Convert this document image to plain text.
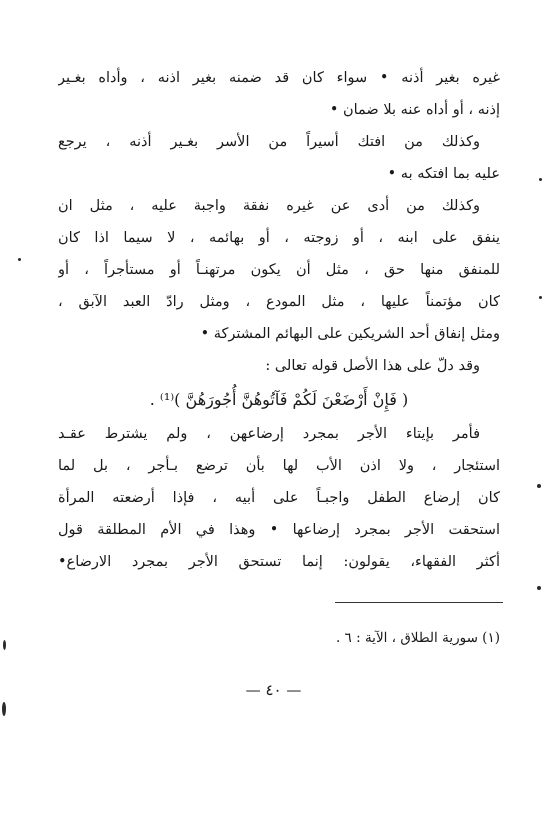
غيره بغير أذنه • سواء كان قد ضمنه بغير اذنه ، وأداه بغـير
إذنه ، أو أداه عنه بلا ضمان •
وكذلك من افتك أسيراً من الأسر بغـير أذنه ، يرجع
عليه بما افتكه به •
وكذلك من أدى عن غيره نفقة واجبة عليه ، مثل ان
ينفق على ابنه ، أو زوجته ، أو بهائمه ، لا سيما اذا كان
للمنفق منها حق ، مثل أن يكون مرتهنـاً أو مستأجراً ، أو
كان مؤتمناً عليها ، مثل المودع ، ومثل رادّ العبد الآبق ،
ومثل إنفاق أحد الشريكين على البهائم المشتركة •
وقد دلّ على هذا الأصل قوله تعالى :
( فَإِنْ أَرْضَعْنَ لَكُمْ فَآتُوهُنَّ أُجُورَهُنَّ )⁽¹⁾ .
فأمر بإيتاء الأجر بمجرد إرضاعهن ، ولم يشترط عقـد
استئجار ، ولا اذن الأب لها بأن ترضع بـأجر ، بل لما
كان إرضاع الطفل واجبـاً على أبيه ، فإذا أرضعته المرأة
استحقت الأجر بمجرد إرضاعها • وهذا في الأم المطلقة قول
أكثر الفقهاء، يقولون: إنما تستحق الأجر بمجرد الارضاع•
(١) سورية الطلاق ، الآية : ٦ .
— ٤٠ —
